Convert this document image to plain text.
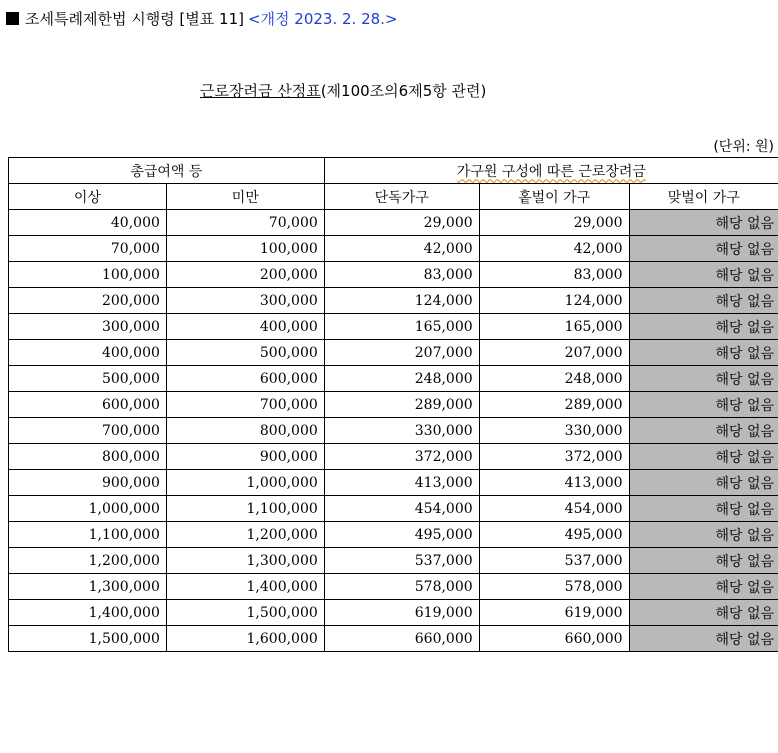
조세특례제한법 시행령 [별표 11] <개정 2023. 2. 28.>
근로장려금 산정표(제100조의6제5항 관련)
(단위: 원)
총급여액 등		가구원 구성에 따른 근로장려금		
이상	미만	단독가구	홑벌이 가구	맞벌이 가구
40,000	70,000	29,000	29,000	해당 없음
70,000	100,000	42,000	42,000	해당 없음
100,000	200,000	83,000	83,000	해당 없음
200,000	300,000	124,000	124,000	해당 없음
300,000	400,000	165,000	165,000	해당 없음
400,000	500,000	207,000	207,000	해당 없음
500,000	600,000	248,000	248,000	해당 없음
600,000	700,000	289,000	289,000	해당 없음
700,000	800,000	330,000	330,000	해당 없음
800,000	900,000	372,000	372,000	해당 없음
900,000	1,000,000	413,000	413,000	해당 없음
1,000,000	1,100,000	454,000	454,000	해당 없음
1,100,000	1,200,000	495,000	495,000	해당 없음
1,200,000	1,300,000	537,000	537,000	해당 없음
1,300,000	1,400,000	578,000	578,000	해당 없음
1,400,000	1,500,000	619,000	619,000	해당 없음
1,500,000	1,600,000	660,000	660,000	해당 없음
